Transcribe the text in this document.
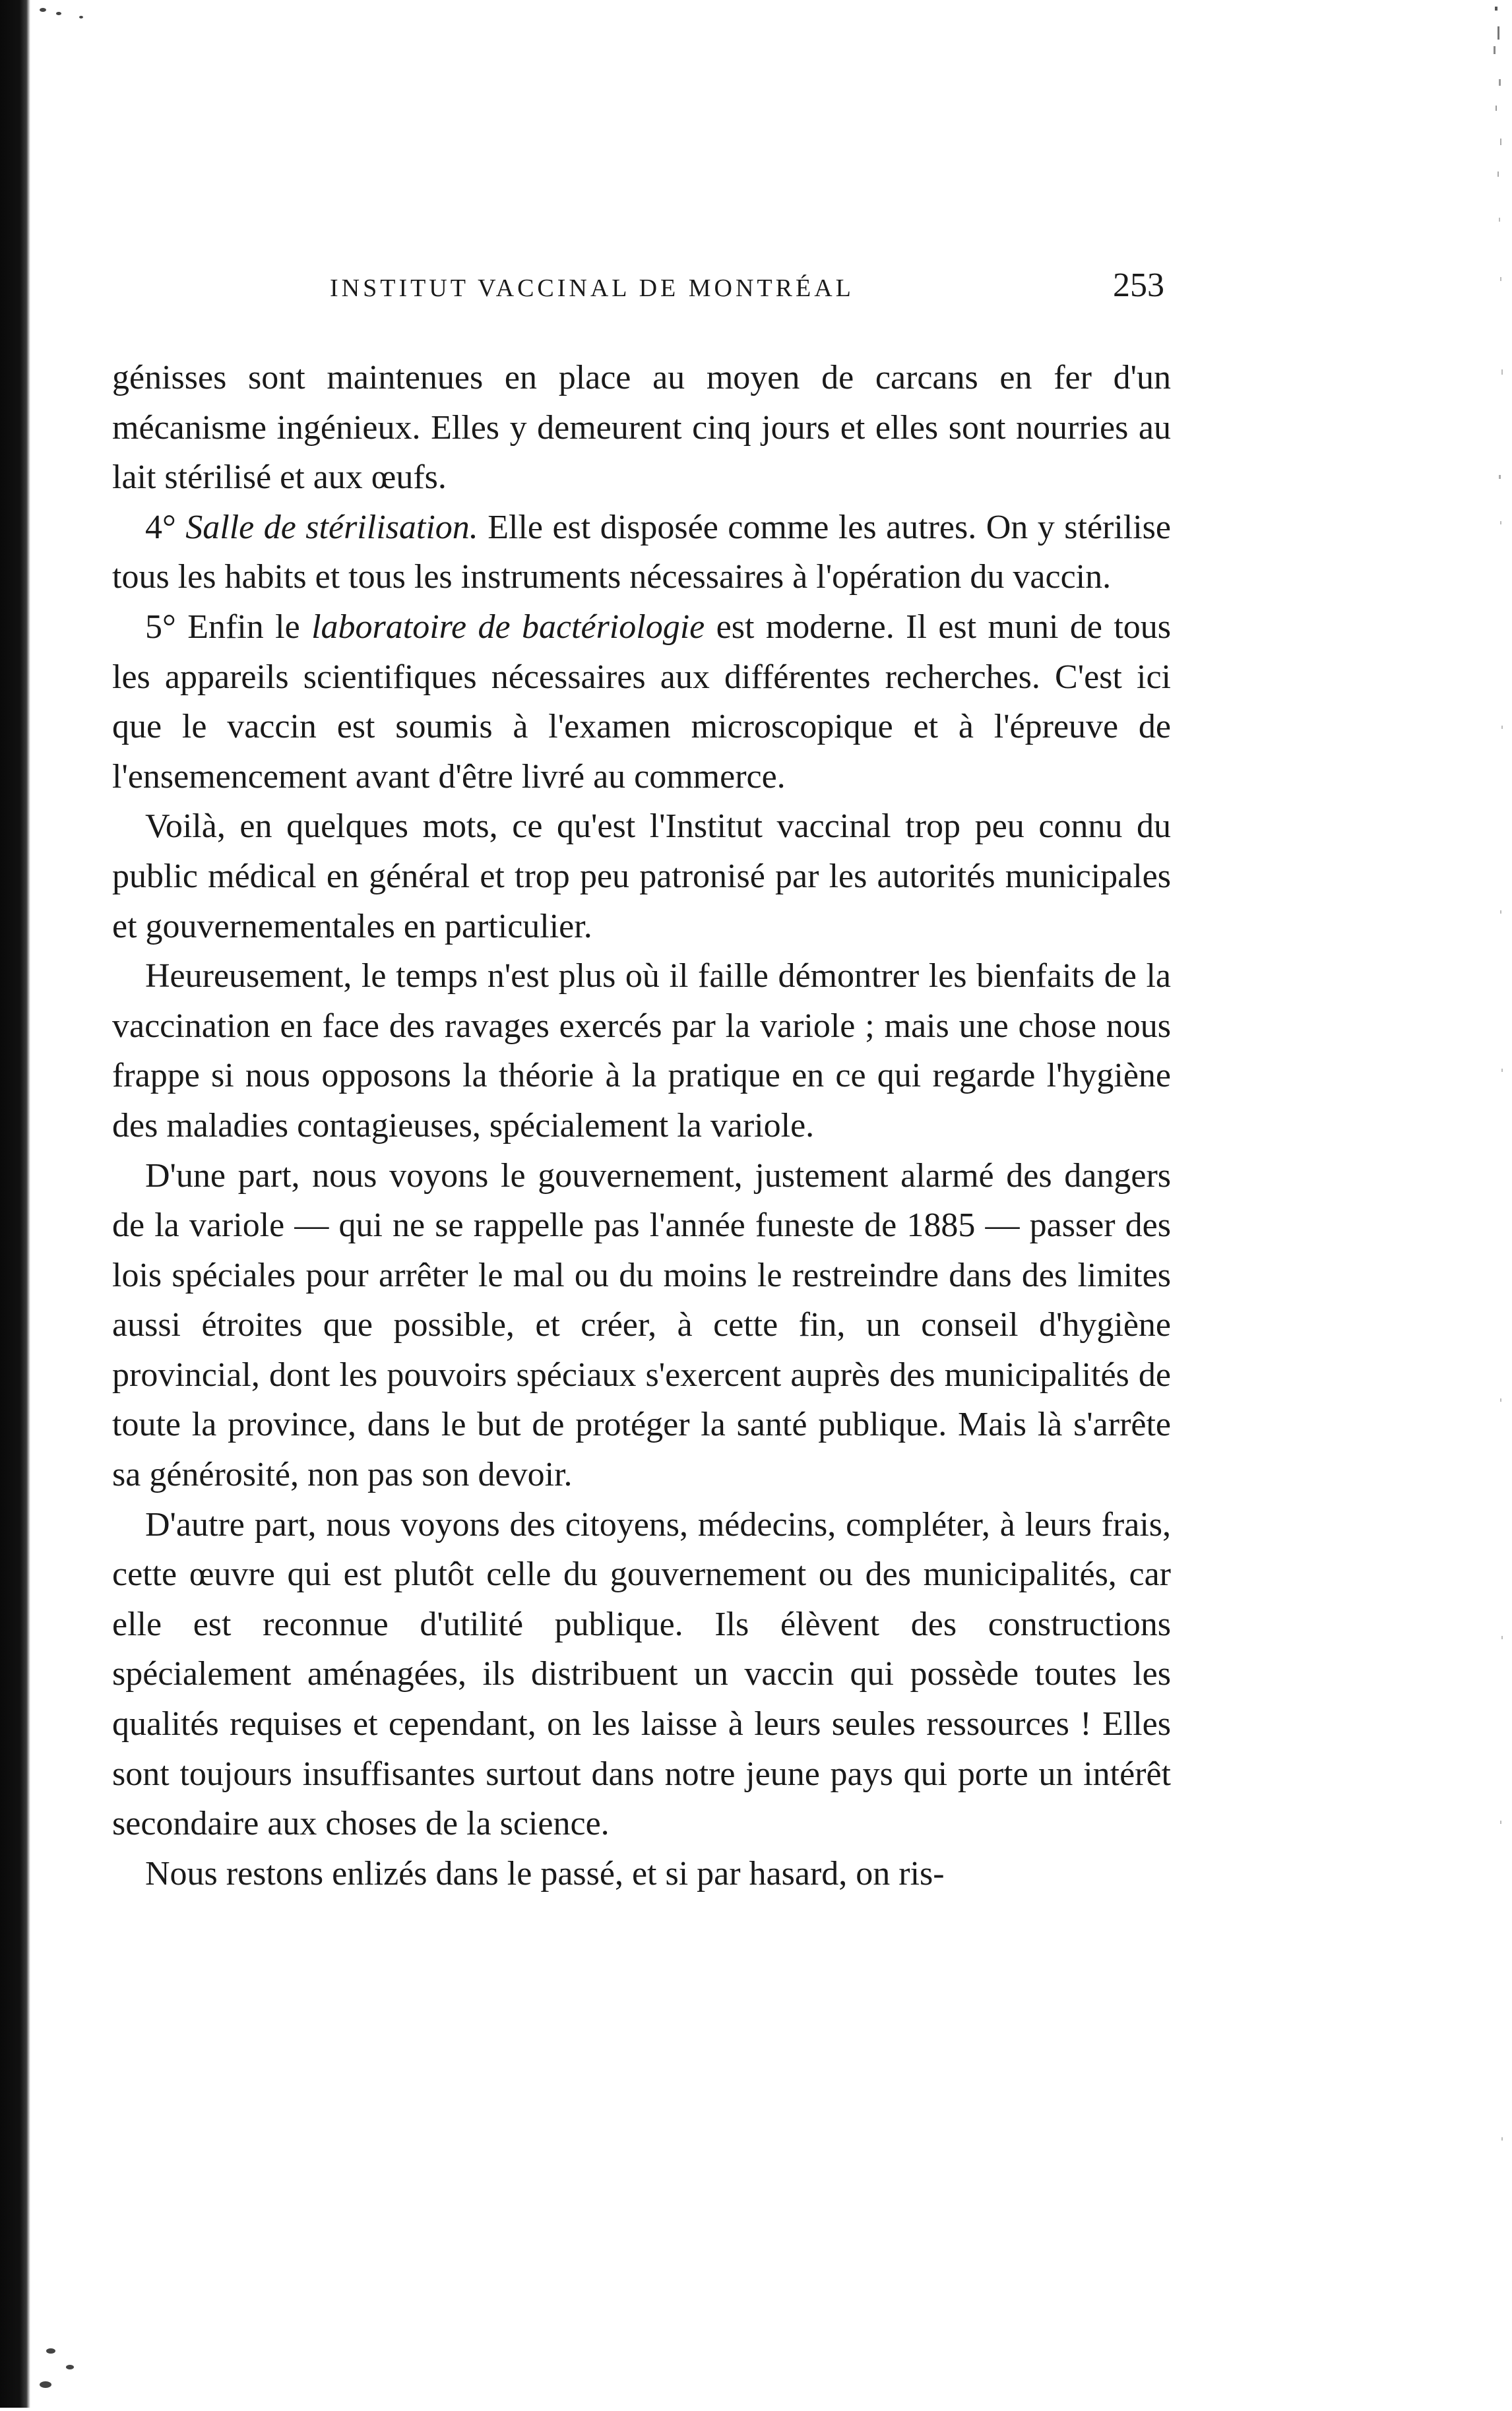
INSTITUT VACCINAL DE MONTRÉAL	253

génisses sont maintenues en place au moyen de carcans en fer d'un mécanisme ingénieux. Elles y demeurent cinq jours et elles sont nourries au lait stérilisé et aux œufs.

4° Salle de stérilisation. Elle est disposée comme les autres. On y stérilise tous les habits et tous les instruments nécessaires à l'opération du vaccin.

5° Enfin le laboratoire de bactériologie est moderne. Il est muni de tous les appareils scientifiques nécessaires aux différentes recherches. C'est ici que le vaccin est soumis à l'examen microscopique et à l'épreuve de l'ensemencement avant d'être livré au commerce.

Voilà, en quelques mots, ce qu'est l'Institut vaccinal trop peu connu du public médical en général et trop peu patronisé par les autorités municipales et gouvernementales en particulier.

Heureusement, le temps n'est plus où il faille démontrer les bienfaits de la vaccination en face des ravages exercés par la variole ; mais une chose nous frappe si nous opposons la théorie à la pratique en ce qui regarde l'hygiène des maladies contagieuses, spécialement la variole.

D'une part, nous voyons le gouvernement, justement alarmé des dangers de la variole — qui ne se rappelle pas l'année funeste de 1885 — passer des lois spéciales pour arrêter le mal ou du moins le restreindre dans des limites aussi étroites que possible, et créer, à cette fin, un conseil d'hygiène provincial, dont les pouvoirs spéciaux s'exercent auprès des municipalités de toute la province, dans le but de protéger la santé publique. Mais là s'arrête sa générosité, non pas son devoir.

D'autre part, nous voyons des citoyens, médecins, compléter, à leurs frais, cette œuvre qui est plutôt celle du gouvernement ou des municipalités, car elle est reconnue d'utilité publique. Ils élèvent des constructions spécialement aménagées, ils distribuent un vaccin qui possède toutes les qualités requises et cependant, on les laisse à leurs seules ressources ! Elles sont toujours insuffisantes surtout dans notre jeune pays qui porte un intérêt secondaire aux choses de la science.

Nous restons enlizés dans le passé, et si par hasard, on ris-
